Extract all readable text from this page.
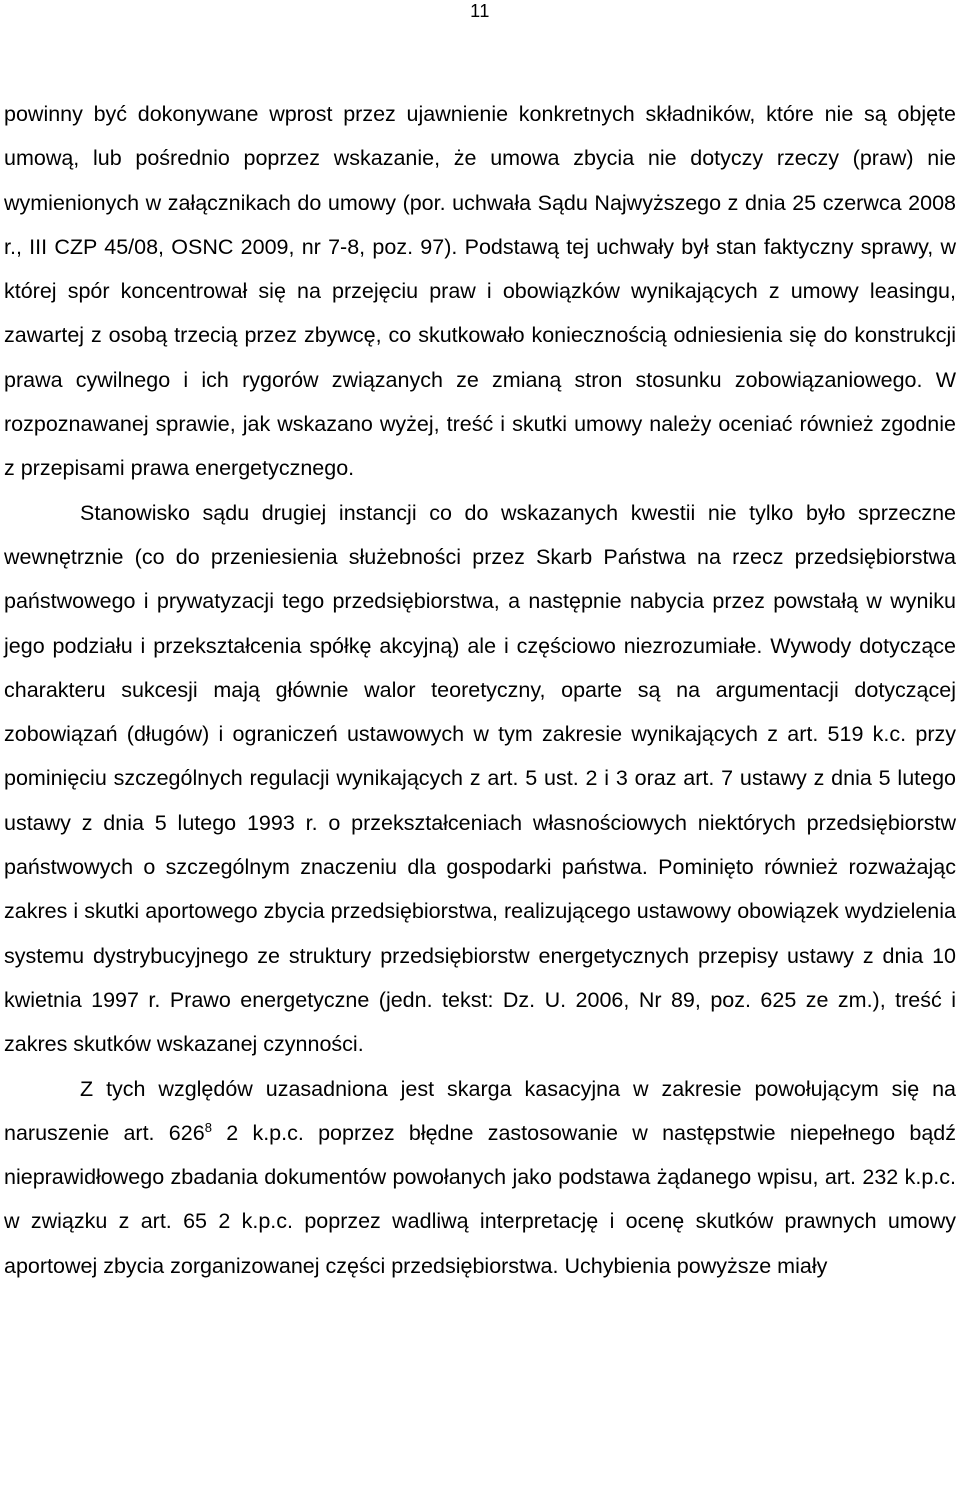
11

powinny być dokonywane wprost przez ujawnienie konkretnych składników, które nie są objęte umową, lub pośrednio poprzez wskazanie, że umowa zbycia nie dotyczy rzeczy (praw) nie wymienionych w załącznikach do umowy (por. uchwała Sądu Najwyższego z dnia 25 czerwca 2008 r., III CZP 45/08, OSNC 2009, nr 7-8, poz. 97). Podstawą tej uchwały był stan faktyczny sprawy, w której spór koncentrował się na przejęciu praw i obowiązków wynikających z umowy leasingu, zawartej z osobą trzecią przez zbywcę, co skutkowało koniecznością odniesienia się do konstrukcji prawa cywilnego i ich rygorów związanych ze zmianą stron stosunku zobowiązaniowego. W rozpoznawanej sprawie, jak wskazano wyżej, treść i skutki umowy należy oceniać również zgodnie z przepisami prawa energetycznego.

Stanowisko sądu drugiej instancji co do wskazanych kwestii nie tylko było sprzeczne wewnętrznie (co do przeniesienia służebności przez Skarb Państwa na rzecz przedsiębiorstwa państwowego i prywatyzacji tego przedsiębiorstwa, a następnie nabycia przez powstałą w wyniku jego podziału i przekształcenia spółkę akcyjną) ale i częściowo niezrozumiałe. Wywody dotyczące charakteru sukcesji mają głównie walor teoretyczny, oparte są na argumentacji dotyczącej zobowiązań (długów) i ograniczeń ustawowych w tym zakresie wynikających z art. 519 k.c. przy pominięciu szczególnych regulacji wynikających z art. 5 ust. 2 i 3 oraz art. 7 ustawy z dnia 5 lutego ustawy z dnia 5 lutego 1993 r. o przekształceniach własnościowych niektórych przedsiębiorstw państwowych o szczególnym znaczeniu dla gospodarki państwa. Pominięto również rozważając zakres i skutki aportowego zbycia przedsiębiorstwa, realizującego ustawowy obowiązek wydzielenia systemu dystrybucyjnego ze struktury przedsiębiorstw energetycznych przepisy ustawy z dnia 10 kwietnia 1997 r. Prawo energetyczne (jedn. tekst: Dz. U. 2006, Nr 89, poz. 625 ze zm.), treść i zakres skutków wskazanej czynności.

Z tych względów uzasadniona jest skarga kasacyjna w zakresie powołującym się na naruszenie art. $626^8$ 2 k.p.c. poprzez błędne zastosowanie w następstwie niepełnego bądź nieprawidłowego zbadania dokumentów powołanych jako podstawa żądanego wpisu, art. 232 k.p.c. w związku z art. 65 2 k.p.c. poprzez wadliwą interpretację i ocenę skutków prawnych umowy aportowej zbycia zorganizowanej części przedsiębiorstwa. Uchybienia powyższe miały
